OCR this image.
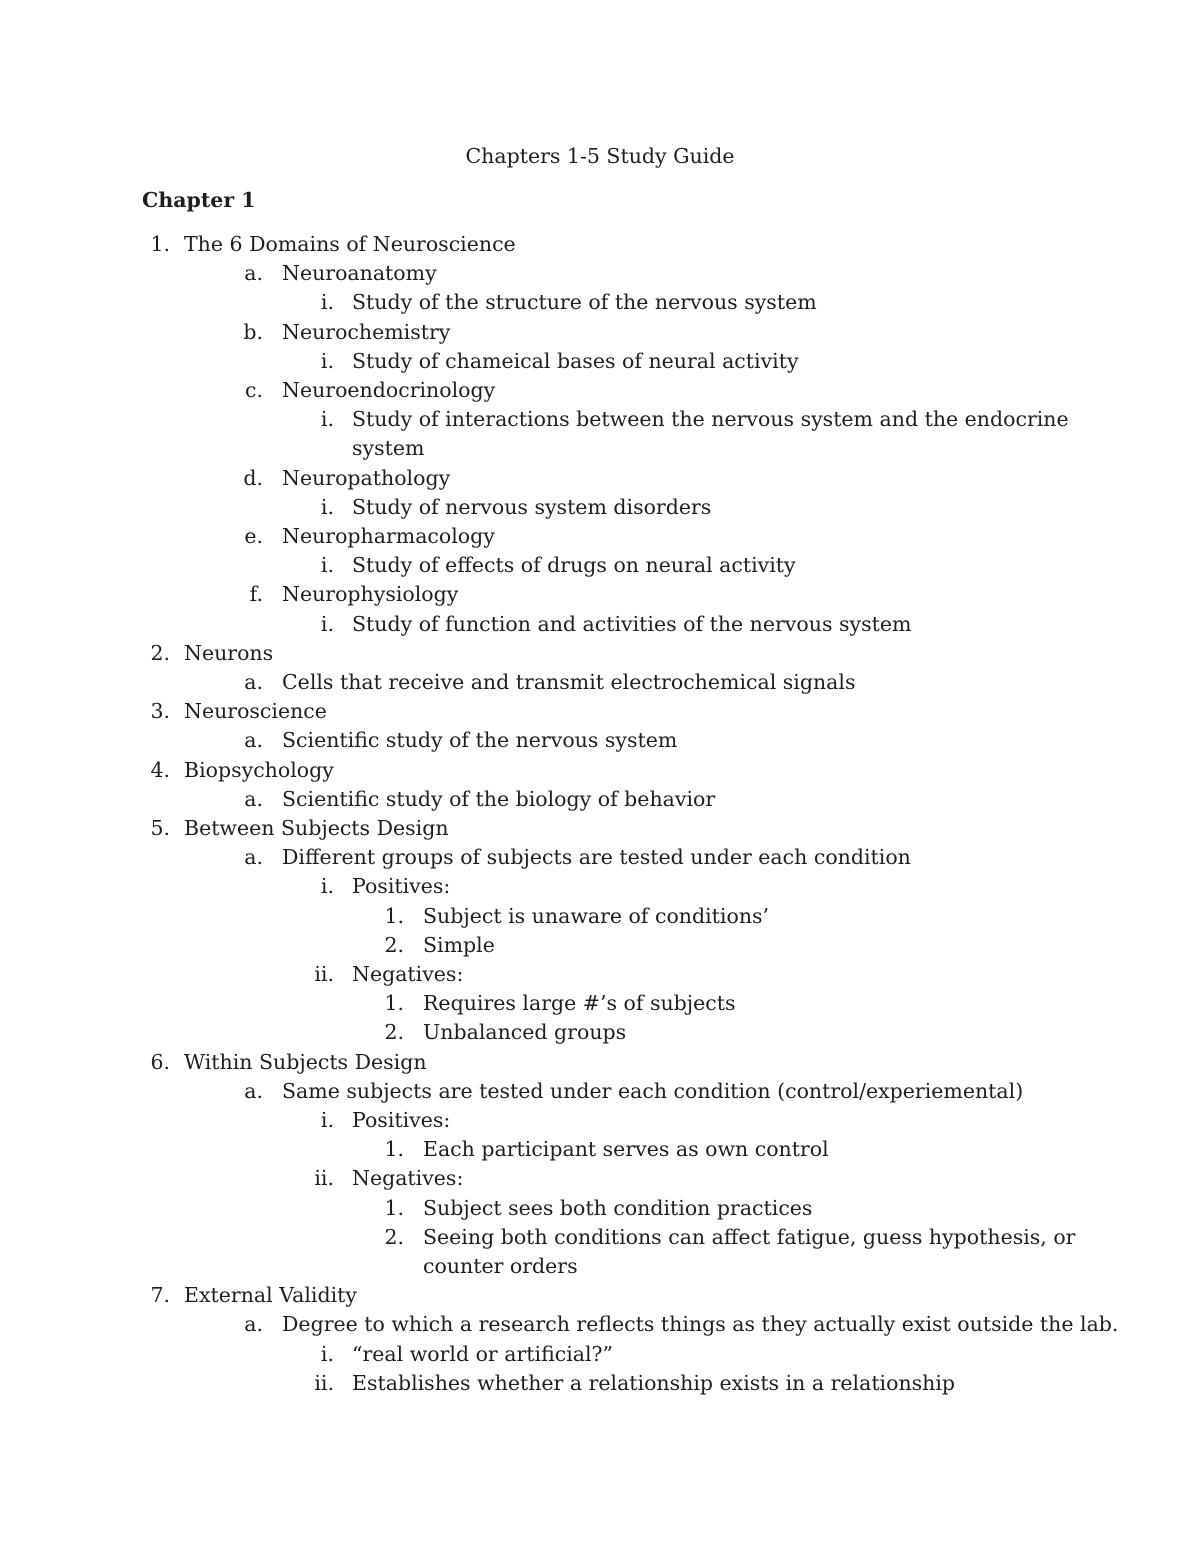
Chapters 1-5 Study Guide
Chapter 1
1. The 6 Domains of Neuroscience
a. Neuroanatomy
i. Study of the structure of the nervous system
b. Neurochemistry
i. Study of chameical bases of neural activity
c. Neuroendocrinology
i. Study of interactions between the nervous system and the endocrine
system
d. Neuropathology
i. Study of nervous system disorders
e. Neuropharmacology
i. Study of effects of drugs on neural activity
f. Neurophysiology
i. Study of function and activities of the nervous system
2. Neurons
a. Cells that receive and transmit electrochemical signals
3. Neuroscience
a. Scientific study of the nervous system
4. Biopsychology
a. Scientific study of the biology of behavior
5. Between Subjects Design
a. Different groups of subjects are tested under each condition
i. Positives:
1. Subject is unaware of conditions’
2. Simple
ii. Negatives:
1. Requires large #’s of subjects
2. Unbalanced groups
6. Within Subjects Design
a. Same subjects are tested under each condition (control/experiemental)
i. Positives:
1. Each participant serves as own control
ii. Negatives:
1. Subject sees both condition practices
2. Seeing both conditions can affect fatigue, guess hypothesis, or
counter orders
7. External Validity
a. Degree to which a research reflects things as they actually exist outside the lab.
i. “real world or artificial?”
ii. Establishes whether a relationship exists in a relationship
